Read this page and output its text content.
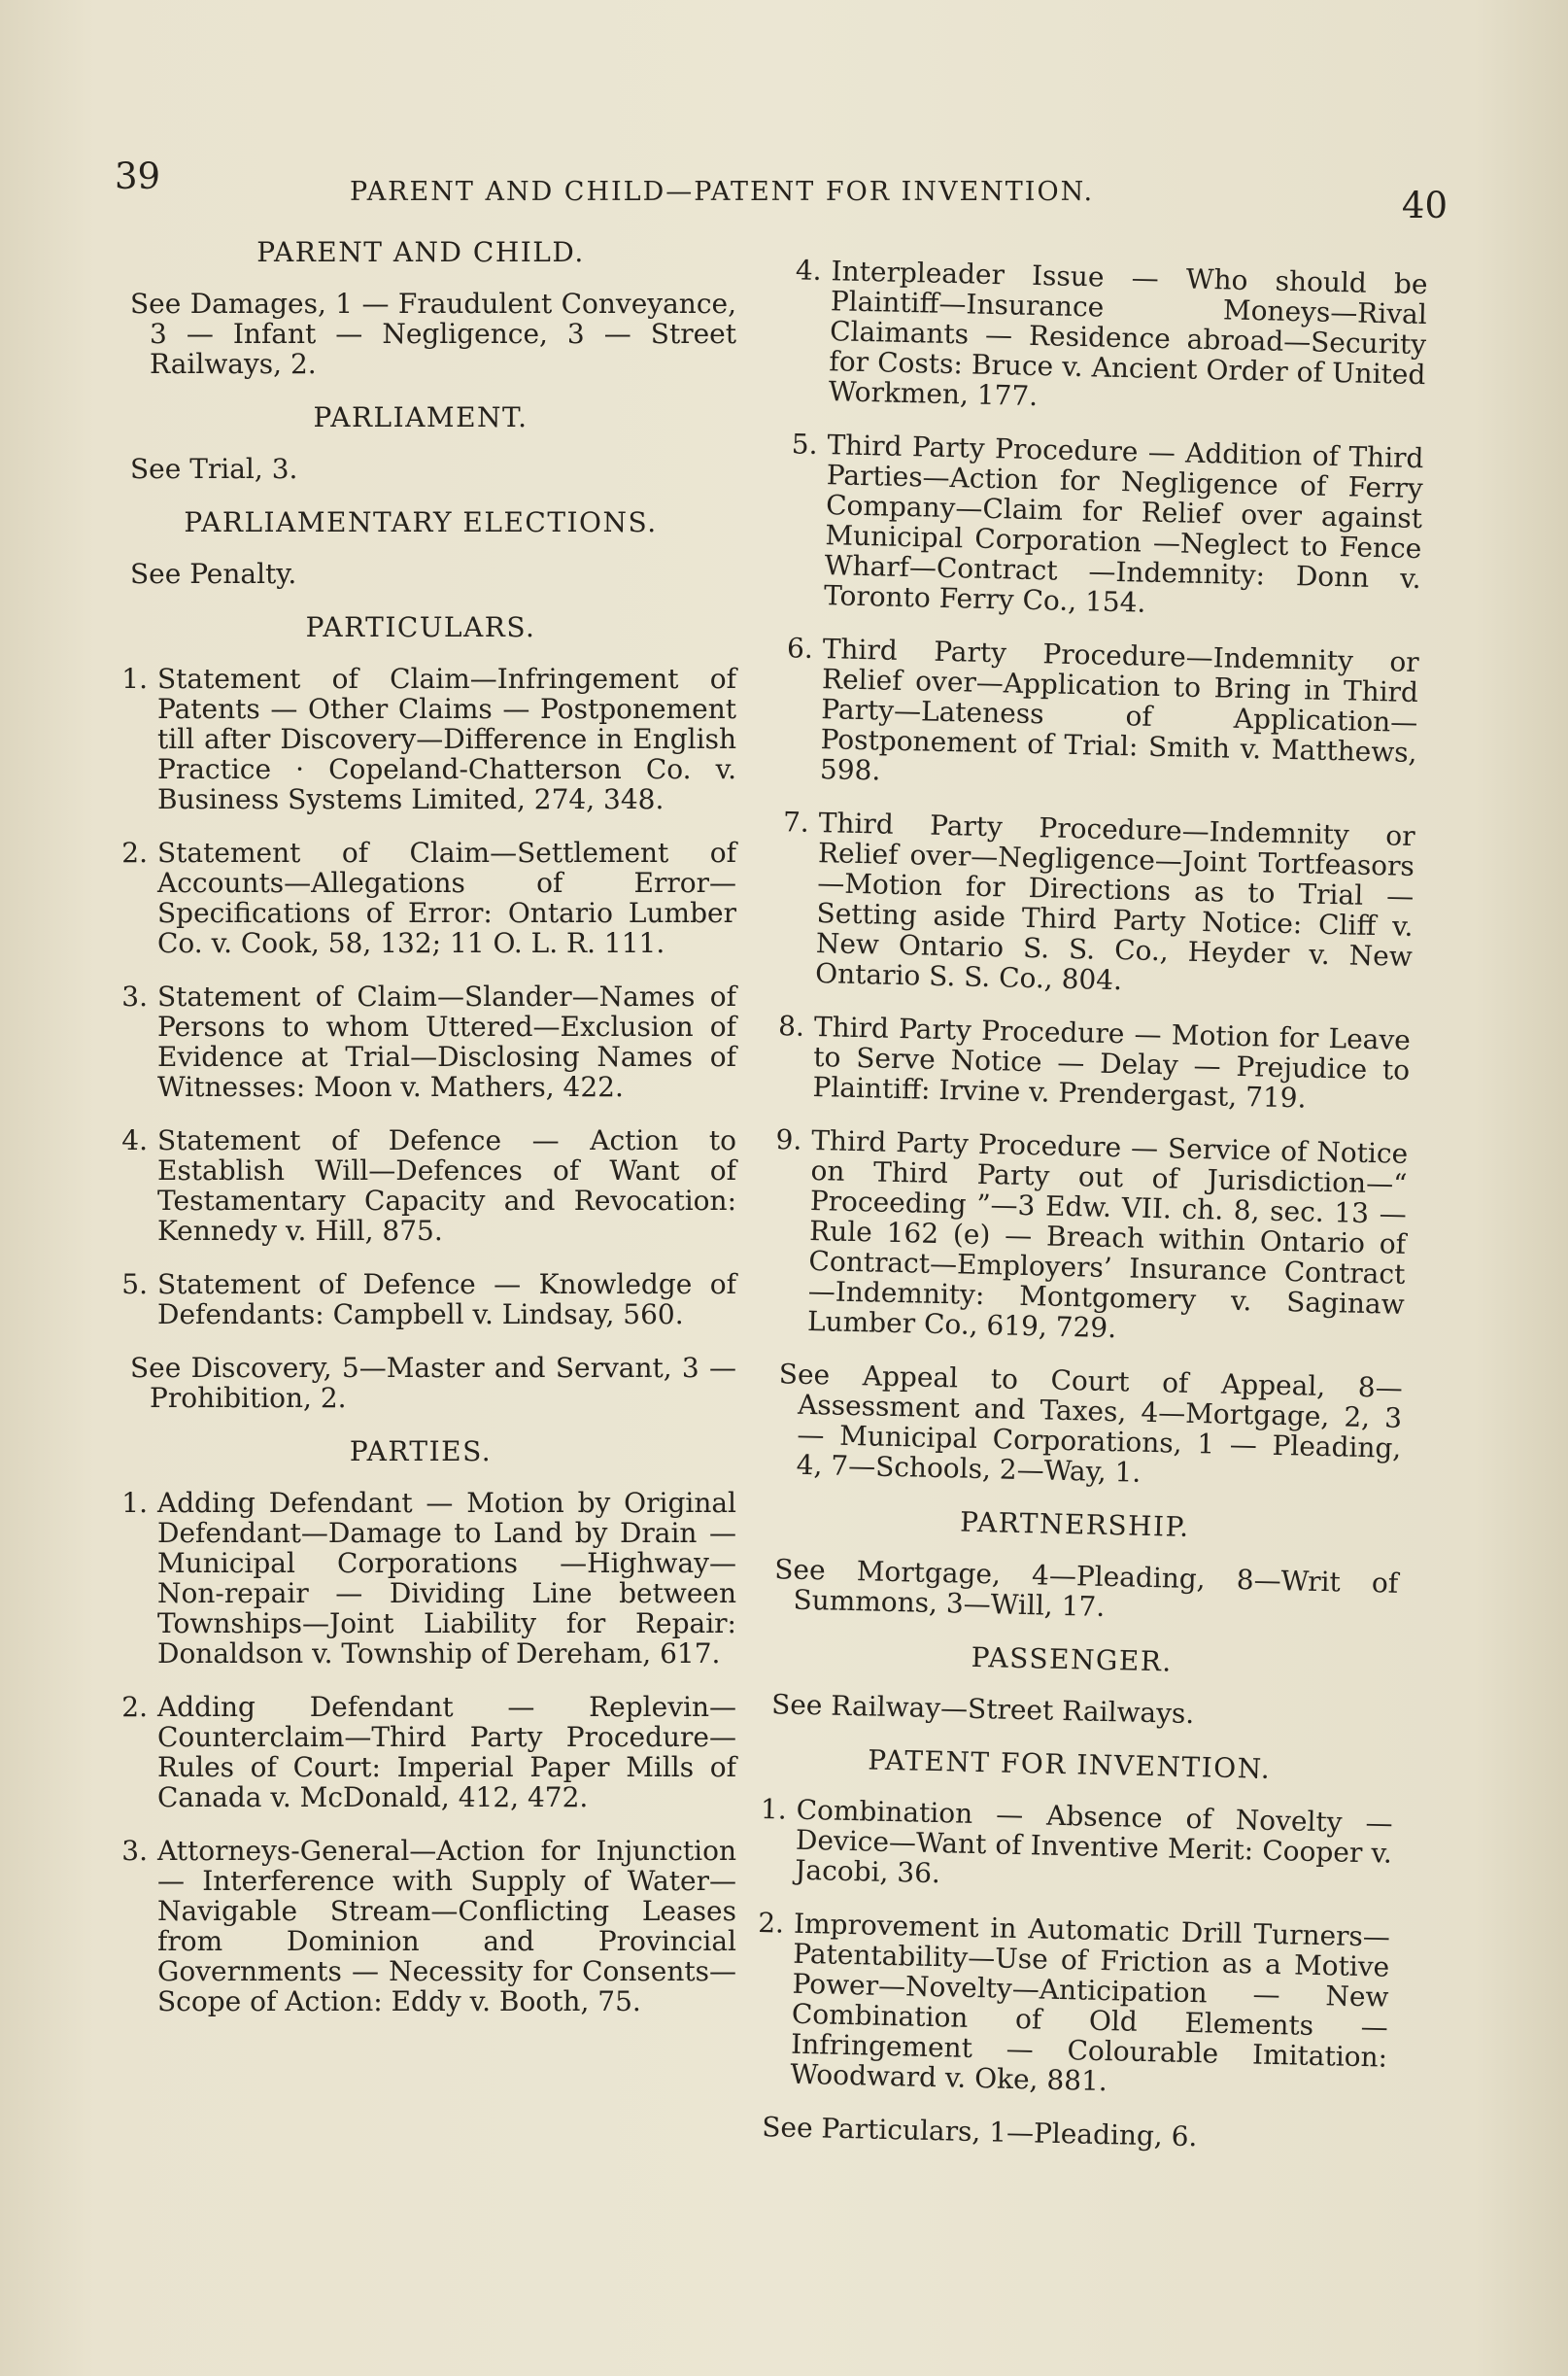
39	PARENT AND CHILD—PATENT FOR INVENTION.	40
PARENT AND CHILD.

See Damages, 1 — Fraudulent Conveyance, 3 — Infant — Negligence, 3 — Street Railways, 2.

PARLIAMENT.

See Trial, 3.

PARLIAMENTARY ELECTIONS.

See Penalty.

PARTICULARS.
1. Statement of Claim—Infringement of Patents — Other Claims — Postponement till after Discovery—Difference in English Practice · Copeland-Chatterson Co. v. Business Systems Limited, 274, 348.
2. Statement of Claim—Settlement of Accounts—Allegations of Error—Specifications of Error: Ontario Lumber Co. v. Cook, 58, 132; 11 O. L. R. 111.
3. Statement of Claim—Slander—Names of Persons to whom Uttered—Exclusion of Evidence at Trial—Disclosing Names of Witnesses: Moon v. Mathers, 422.
4. Statement of Defence — Action to Establish Will—Defences of Want of Testamentary Capacity and Revocation: Kennedy v. Hill, 875.
5. Statement of Defence — Knowledge of Defendants: Campbell v. Lindsay, 560.

See Discovery, 5—Master and Servant, 3 —Prohibition, 2.

PARTIES.
1. Adding Defendant — Motion by Original Defendant—Damage to Land by Drain — Municipal Corporations —Highway—Non-repair — Dividing Line between Townships—Joint Liability for Repair: Donaldson v. Township of Dereham, 617.
2. Adding Defendant — Replevin—Counterclaim—Third Party Procedure—Rules of Court: Imperial Paper Mills of Canada v. McDonald, 412, 472.
3. Attorneys-General—Action for Injunction — Interference with Supply of Water—Navigable Stream—Conflicting Leases from Dominion and Provincial Governments — Necessity for Consents—Scope of Action: Eddy v. Booth, 75.
4. Interpleader Issue — Who should be Plaintiff—Insurance Moneys—Rival Claimants — Residence abroad—Security for Costs: Bruce v. Ancient Order of United Workmen, 177.
5. Third Party Procedure — Addition of Third Parties—Action for Negligence of Ferry Company—Claim for Relief over against Municipal Corporation —Neglect to Fence Wharf—Contract —Indemnity: Donn v. Toronto Ferry Co., 154.
6. Third Party Procedure—Indemnity or Relief over—Application to Bring in Third Party—Lateness of Application—Postponement of Trial: Smith v. Matthews, 598.
7. Third Party Procedure—Indemnity or Relief over—Negligence—Joint Tortfeasors—Motion for Directions as to Trial — Setting aside Third Party Notice: Cliff v. New Ontario S. S. Co., Heyder v. New Ontario S. S. Co., 804.
8. Third Party Procedure — Motion for Leave to Serve Notice — Delay — Prejudice to Plaintiff: Irvine v. Prendergast, 719.
9. Third Party Procedure — Service of Notice on Third Party out of Jurisdiction—“ Proceeding ”—3 Edw. VII. ch. 8, sec. 13 — Rule 162 (e) — Breach within Ontario of Contract—Employers’ Insurance Contract—Indemnity: Montgomery v. Saginaw Lumber Co., 619, 729.

See Appeal to Court of Appeal, 8—Assessment and Taxes, 4—Mortgage, 2, 3 — Municipal Corporations, 1 — Pleading, 4, 7—Schools, 2—Way, 1.

PARTNERSHIP.

See Mortgage, 4—Pleading, 8—Writ of Summons, 3—Will, 17.

PASSENGER.

See Railway—Street Railways.

PATENT FOR INVENTION.
1. Combination — Absence of Novelty — Device—Want of Inventive Merit: Cooper v. Jacobi, 36.
2. Improvement in Automatic Drill Turners—Patentability—Use of Friction as a Motive Power—Novelty—Anticipation — New Combination of Old Elements — Infringement — Colourable Imitation: Woodward v. Oke, 881.

See Particulars, 1—Pleading, 6.
